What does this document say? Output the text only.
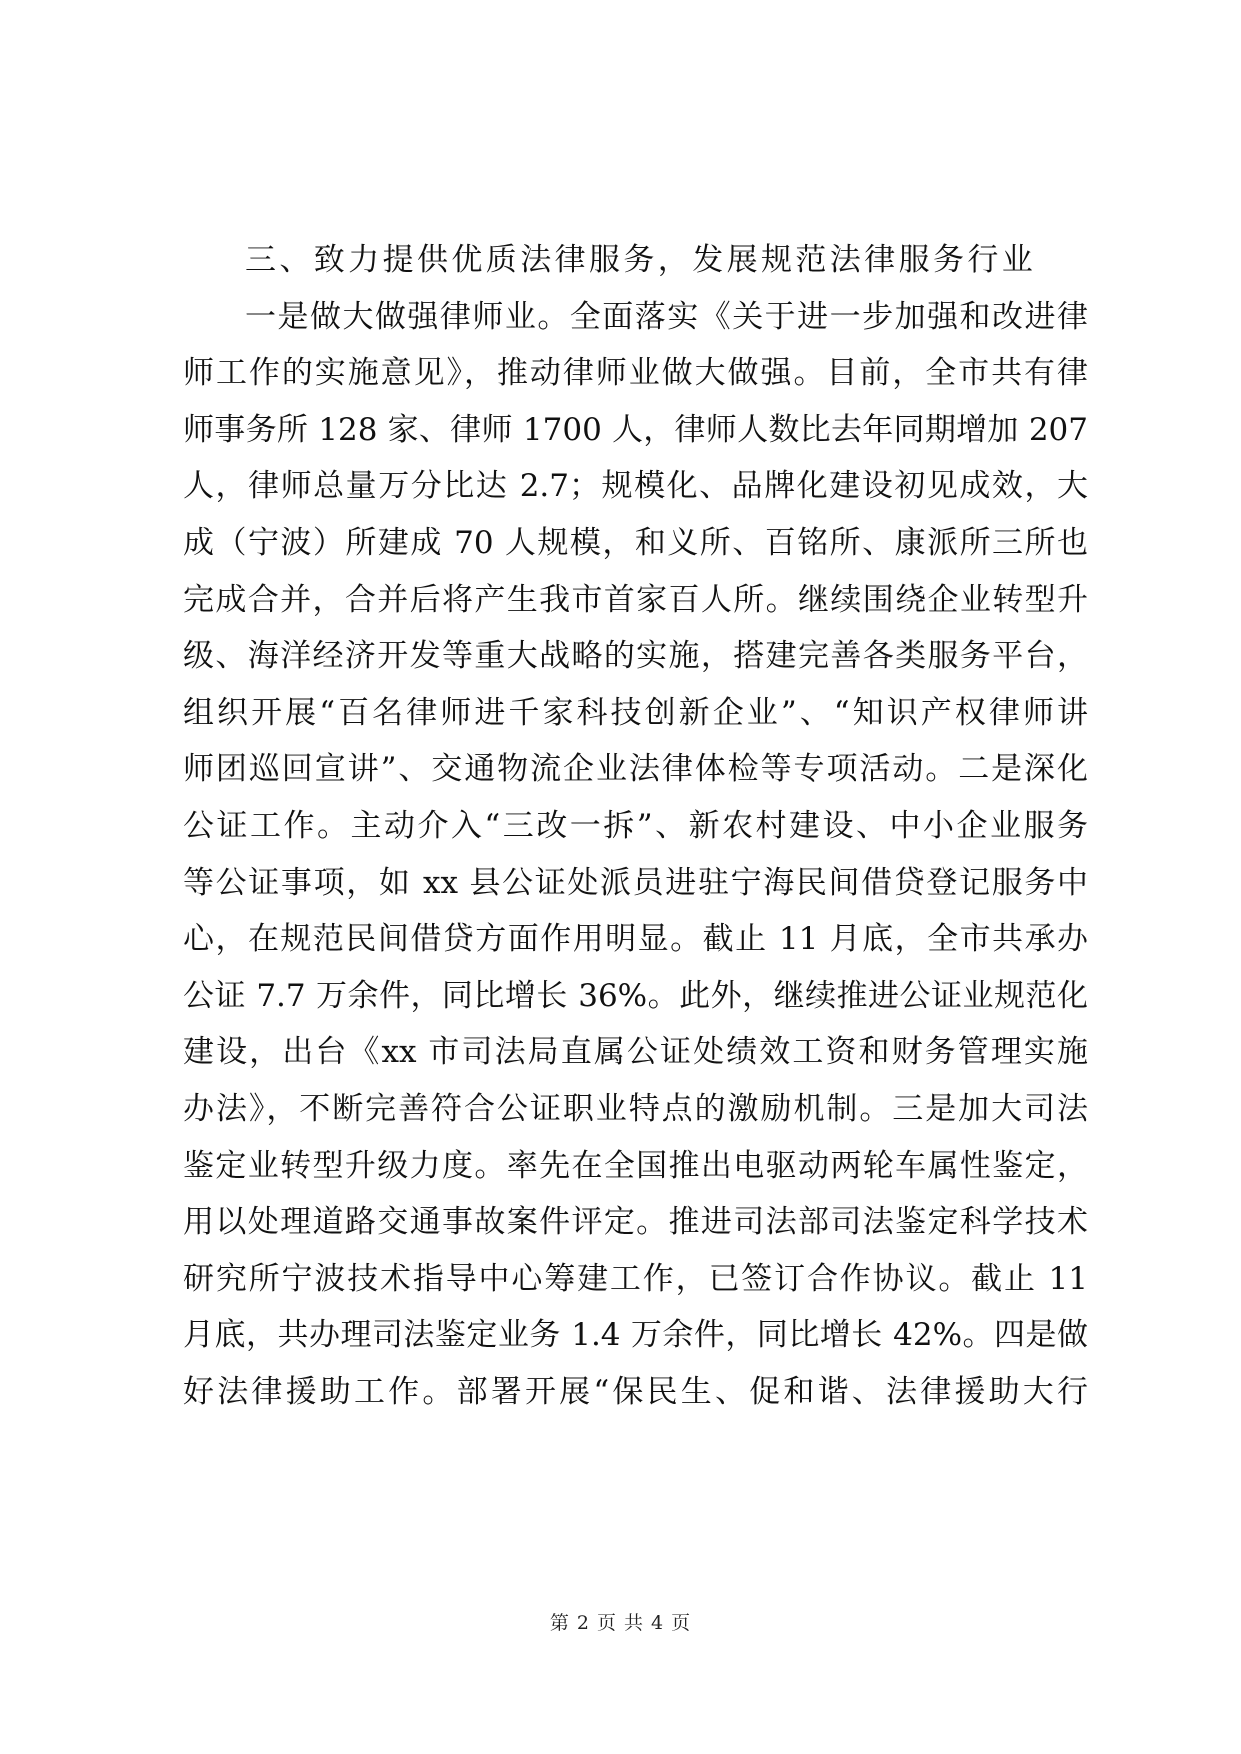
三、致力提供优质法律服务，发展规范法律服务行业
一是做大做强律师业。全面落实《关于进一步加强和改进律
师工作的实施意见》，推动律师业做大做强。目前，全市共有律
师事务所 128 家、律师 1700 人，律师人数比去年同期增加 207
人，律师总量万分比达 2.7；规模化、品牌化建设初见成效，大
成（宁波）所建成 70 人规模，和义所、百铭所、康派所三所也
完成合并，合并后将产生我市首家百人所。继续围绕企业转型升
级、海洋经济开发等重大战略的实施，搭建完善各类服务平台，
组织开展“百名律师进千家科技创新企业”、“知识产权律师讲
师团巡回宣讲”、交通物流企业法律体检等专项活动。二是深化
公证工作。主动介入“三改一拆”、新农村建设、中小企业服务
等公证事项，如 xx 县公证处派员进驻宁海民间借贷登记服务中
心，在规范民间借贷方面作用明显。截止 11 月底，全市共承办
公证 7.7 万余件，同比增长 36%。此外，继续推进公证业规范化
建设，出台《xx 市司法局直属公证处绩效工资和财务管理实施
办法》，不断完善符合公证职业特点的激励机制。三是加大司法
鉴定业转型升级力度。率先在全国推出电驱动两轮车属性鉴定，
用以处理道路交通事故案件评定。推进司法部司法鉴定科学技术
研究所宁波技术指导中心筹建工作，已签订合作协议。截止 11
月底，共办理司法鉴定业务 1.4 万余件，同比增长 42%。四是做
好法律援助工作。部署开展“保民生、促和谐、法律援助大行
第 2 页 共 4 页
